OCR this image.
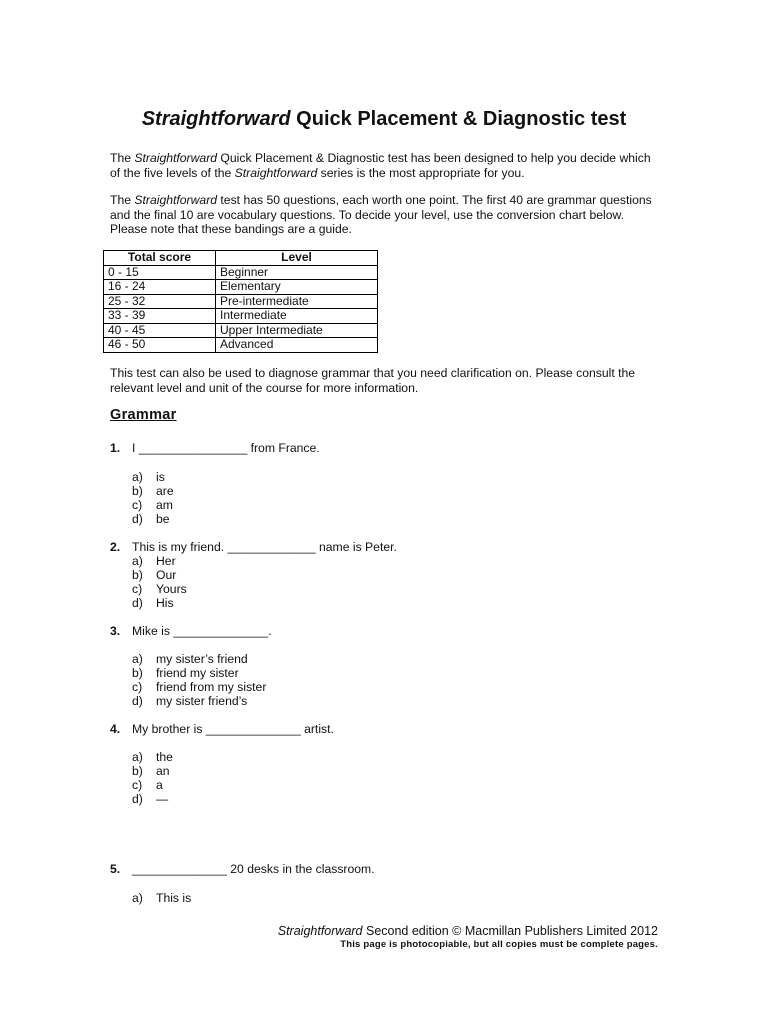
Straightforward Quick Placement & Diagnostic test

The Straightforward Quick Placement & Diagnostic test has been designed to help you decide which of the five levels of the Straightforward series is the most appropriate for you.

The Straightforward test has 50 questions, each worth one point. The first 40 are grammar questions and the final 10 are vocabulary questions. To decide your level, use the conversion chart below. Please note that these bandings are a guide.

Total score	Level
0 - 15	Beginner
16 - 24	Elementary
25 - 32	Pre-intermediate
33 - 39	Intermediate
40 - 45	Upper Intermediate
46 - 50	Advanced

This test can also be used to diagnose grammar that you need clarification on. Please consult the relevant level and unit of the course for more information.

Grammar
1. I ________________ from France.
a) is
b) are
c) am
d) be
2. This is my friend. _____________ name is Peter.
a) Her
b) Our
c) Yours
d) His
3. Mike is ______________.
a) my sister’s friend
b) friend my sister
c) friend from my sister
d) my sister friend’s
4. My brother is ______________ artist.
a) the
b) an
c) a
d) —
5. ______________ 20 desks in the classroom.
a) This is
Straightforward Second edition © Macmillan Publishers Limited 2012
This page is photocopiable, but all copies must be complete pages.
